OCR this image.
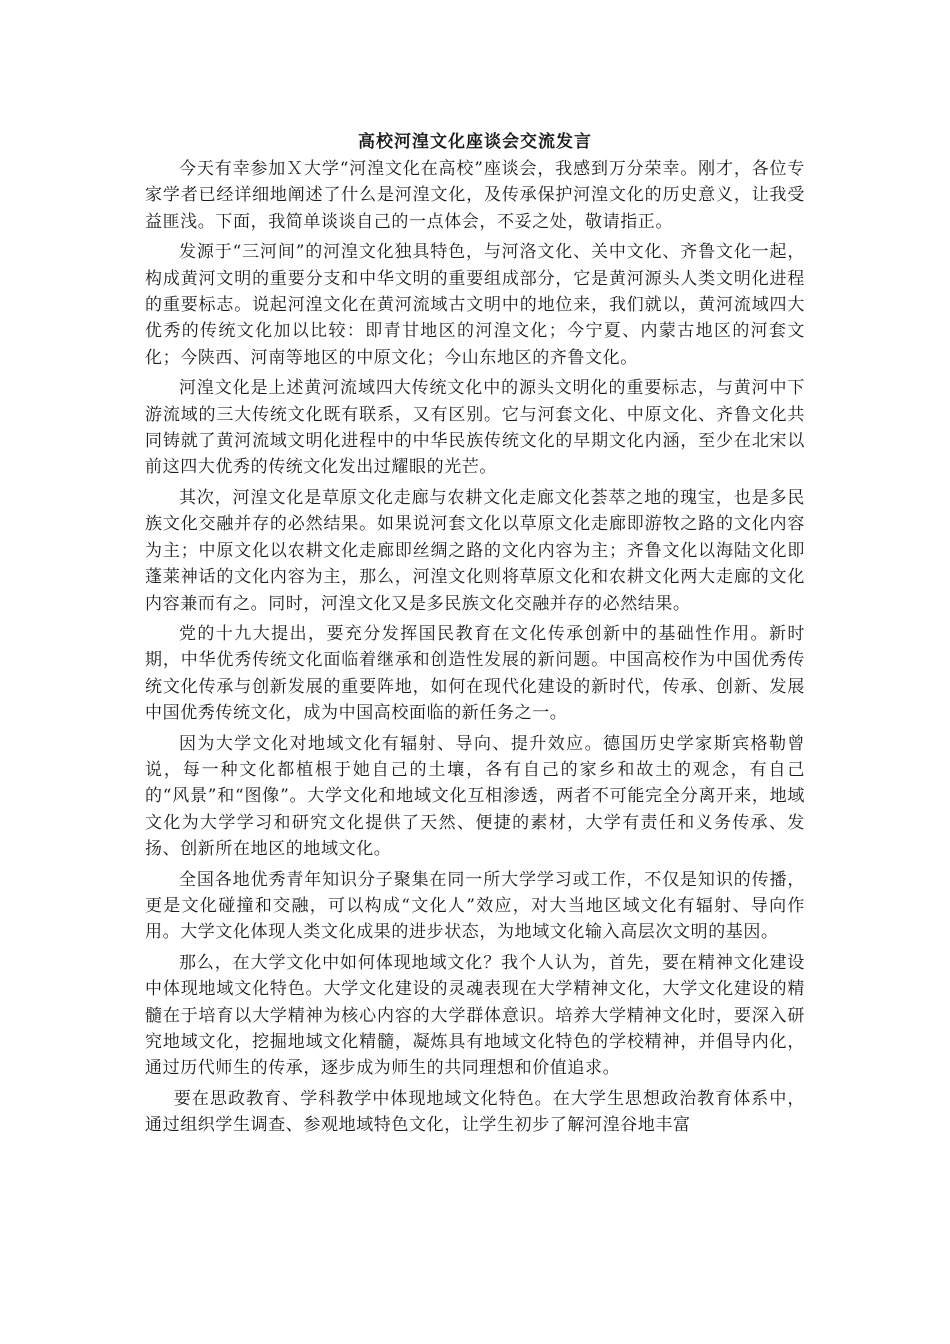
高校河湟文化座谈会交流发言

今天有幸参加Ｘ大学“河湟文化在高校”座谈会，我感到万分荣幸。刚才，各位专家学者已经详细地阐述了什么是河湟文化，及传承保护河湟文化的历史意义，让我受益匪浅。下面，我简单谈谈自己的一点体会，不妥之处，敬请指正。

发源于“三河间”的河湟文化独具特色，与河洛文化、关中文化、齐鲁文化一起，构成黄河文明的重要分支和中华文明的重要组成部分，它是黄河源头人类文明化进程的重要标志。说起河湟文化在黄河流域古文明中的地位来，我们就以，黄河流域四大优秀的传统文化加以比较：即青甘地区的河湟文化；今宁夏、内蒙古地区的河套文化；今陕西、河南等地区的中原文化；今山东地区的齐鲁文化。

河湟文化是上述黄河流域四大传统文化中的源头文明化的重要标志，与黄河中下游流域的三大传统文化既有联系，又有区别。它与河套文化、中原文化、齐鲁文化共同铸就了黄河流域文明化进程中的中华民族传统文化的早期文化内涵，至少在北宋以前这四大优秀的传统文化发出过耀眼的光芒。

其次，河湟文化是草原文化走廊与农耕文化走廊文化荟萃之地的瑰宝，也是多民族文化交融并存的必然结果。如果说河套文化以草原文化走廊即游牧之路的文化内容为主；中原文化以农耕文化走廊即丝绸之路的文化内容为主；齐鲁文化以海陆文化即蓬莱神话的文化内容为主，那么，河湟文化则将草原文化和农耕文化两大走廊的文化内容兼而有之。同时，河湟文化又是多民族文化交融并存的必然结果。

党的十九大提出，要充分发挥国民教育在文化传承创新中的基础性作用。新时期，中华优秀传统文化面临着继承和创造性发展的新问题。中国高校作为中国优秀传统文化传承与创新发展的重要阵地，如何在现代化建设的新时代，传承、创新、发展中国优秀传统文化，成为中国高校面临的新任务之一。

因为大学文化对地域文化有辐射、导向、提升效应。德国历史学家斯宾格勒曾说，每一种文化都植根于她自己的土壤，各有自己的家乡和故土的观念，有自己的“风景”和“图像”。大学文化和地域文化互相渗透，两者不可能完全分离开来，地域文化为大学学习和研究文化提供了天然、便捷的素材，大学有责任和义务传承、发扬、创新所在地区的地域文化。

全国各地优秀青年知识分子聚集在同一所大学学习或工作，不仅是知识的传播，更是文化碰撞和交融，可以构成“文化人”效应，对大当地区域文化有辐射、导向作用。大学文化体现人类文化成果的进步状态，为地域文化输入高层次文明的基因。

那么，在大学文化中如何体现地域文化？我个人认为，首先，要在精神文化建设中体现地域文化特色。大学文化建设的灵魂表现在大学精神文化，大学文化建设的精髓在于培育以大学精神为核心内容的大学群体意识。培养大学精神文化时，要深入研究地域文化，挖掘地域文化精髓，凝炼具有地域文化特色的学校精神，并倡导内化，通过历代师生的传承，逐步成为师生的共同理想和价值追求。

要在思政教育、学科教学中体现地域文化特色。在大学生思想政治教育体系中，通过组织学生调查、参观地域特色文化，让学生初步了解河湟谷地丰富
